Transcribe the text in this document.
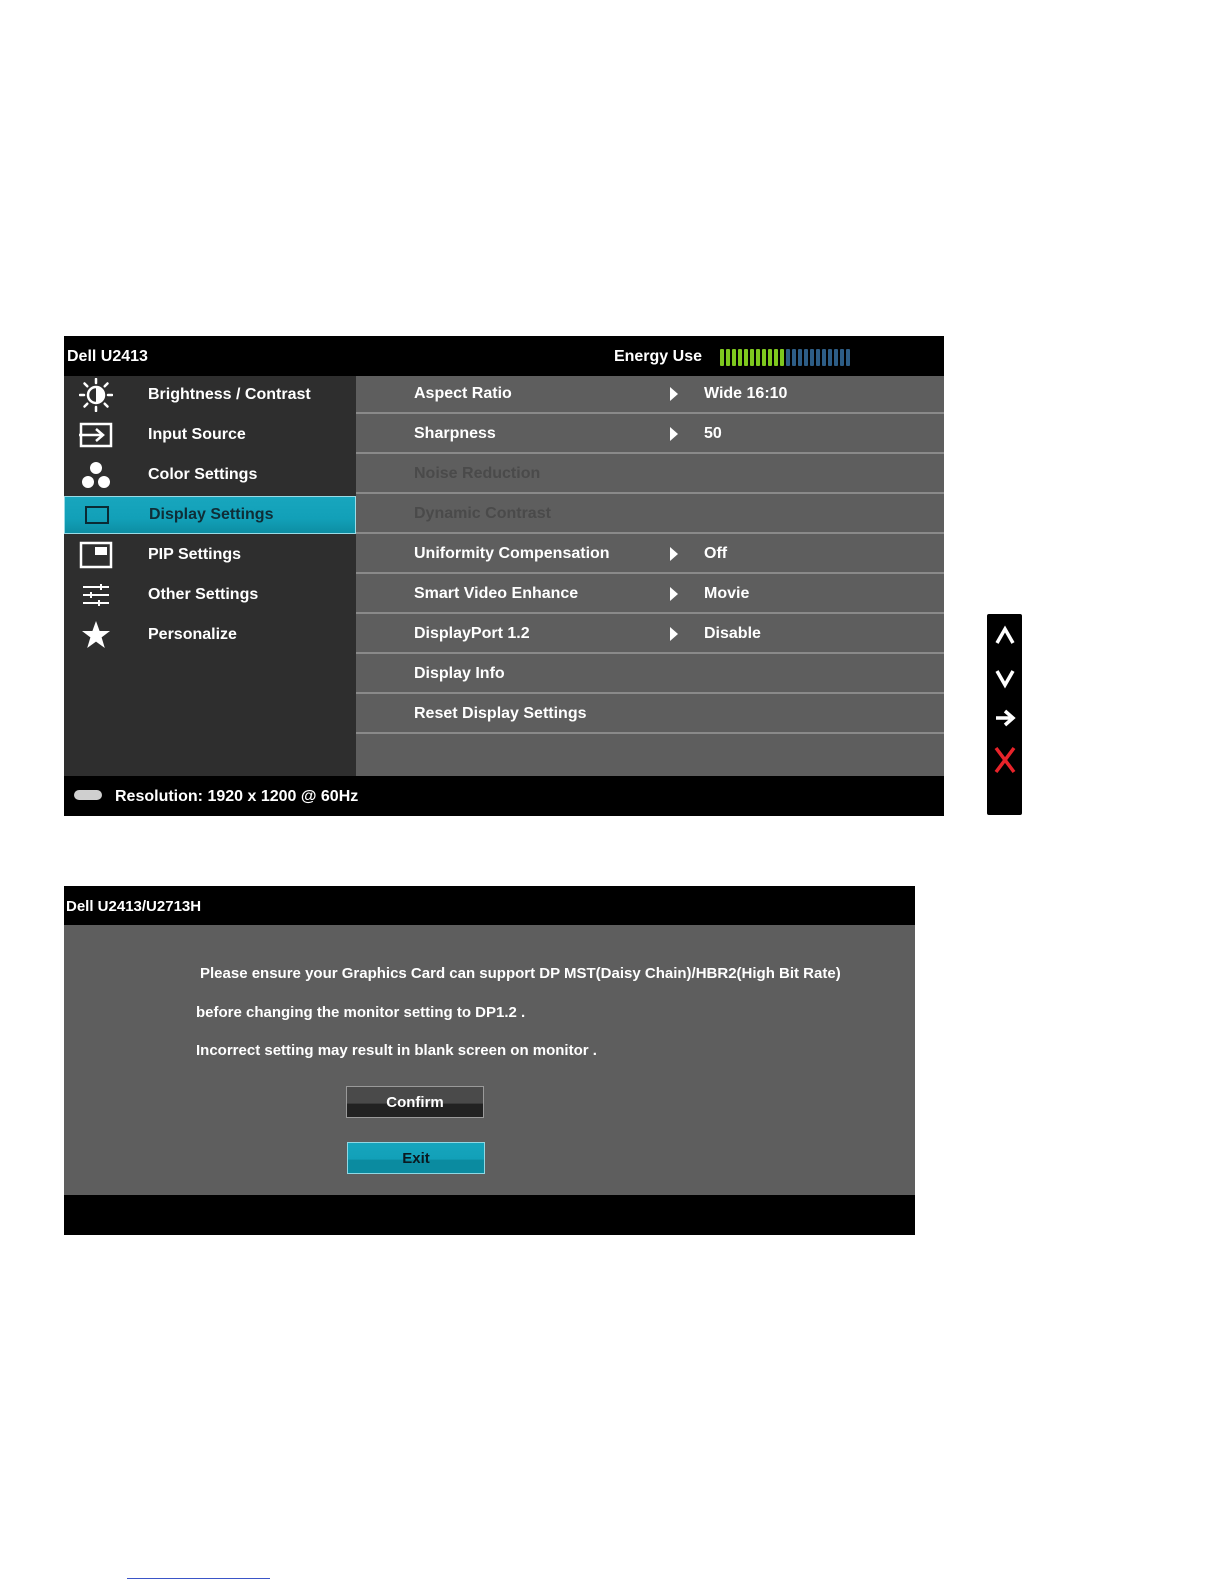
Dell U2413	Energy Use
Brightness / Contrast
Input Source
Color Settings
Display Settings
PIP Settings
Other Settings
Personalize
Aspect Ratio	Wide 16:10
Sharpness	50
Noise Reduction
Dynamic Contrast
Uniformity Compensation	Off
Smart Video Enhance	Movie
DisplayPort 1.2	Disable
Display Info
Reset Display Settings
Resolution: 1920 x 1200 @ 60Hz
Dell U2413/U2713H
Please ensure your Graphics Card can support DP MST(Daisy Chain)/HBR2(High Bit Rate)
before changing the monitor setting to DP1.2 .
Incorrect setting may result in blank screen on monitor .
Confirm
Exit
